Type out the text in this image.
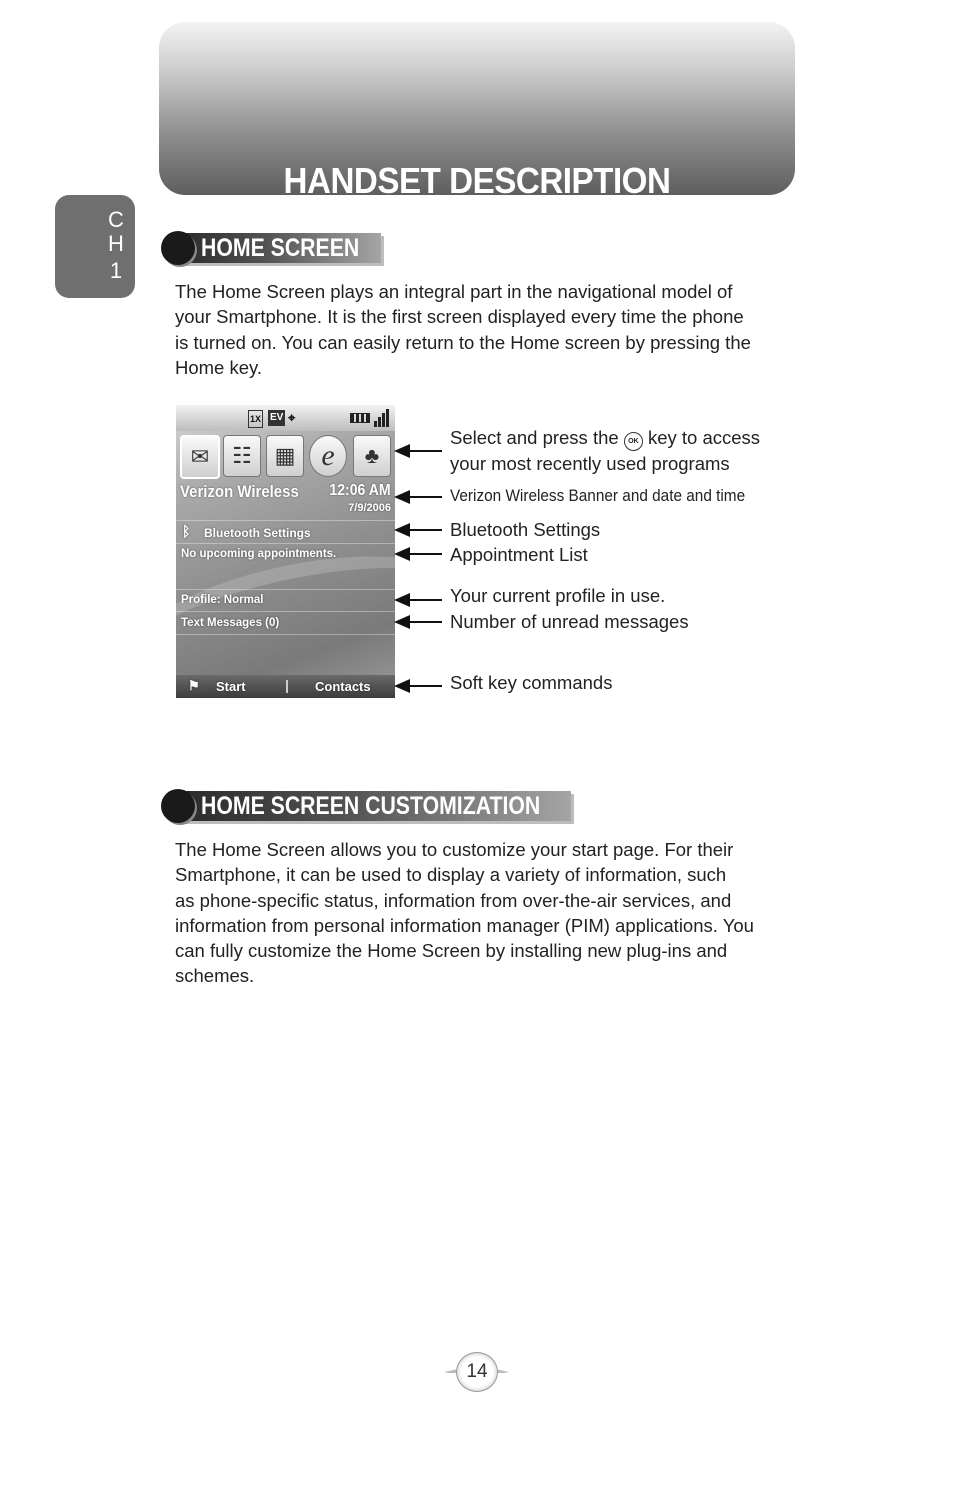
HANDSET DESCRIPTION
C
H
1
HOME SCREEN

The Home Screen plays an integral part in the navigational model of

your Smartphone. It is the first screen displayed every time the phone

is turned on. You can easily return to the Home screen by pressing the

Home key.

1X EV ⌖
✉	☷	▦ e	♣
Verizon Wireless 12:06 AM
7/9/2006
ᛒ Bluetooth Settings
No upcoming appointments.
Profile: Normal
Text Messages (0)
⚑ Start	Contacts
Select and press the OK key to access
your most recently used programs
Verizon Wireless Banner and date and time
Bluetooth Settings
Appointment List
Your current profile in use.
Number of unread messages
Soft key commands
HOME SCREEN CUSTOMIZATION

The Home Screen allows you to customize your start page. For their

Smartphone, it can be used to display a variety of information, such

as phone-specific status, information from over-the-air services, and

information from personal information manager (PIM) applications. You

can fully customize the Home Screen by installing new plug-ins and

schemes.

14
